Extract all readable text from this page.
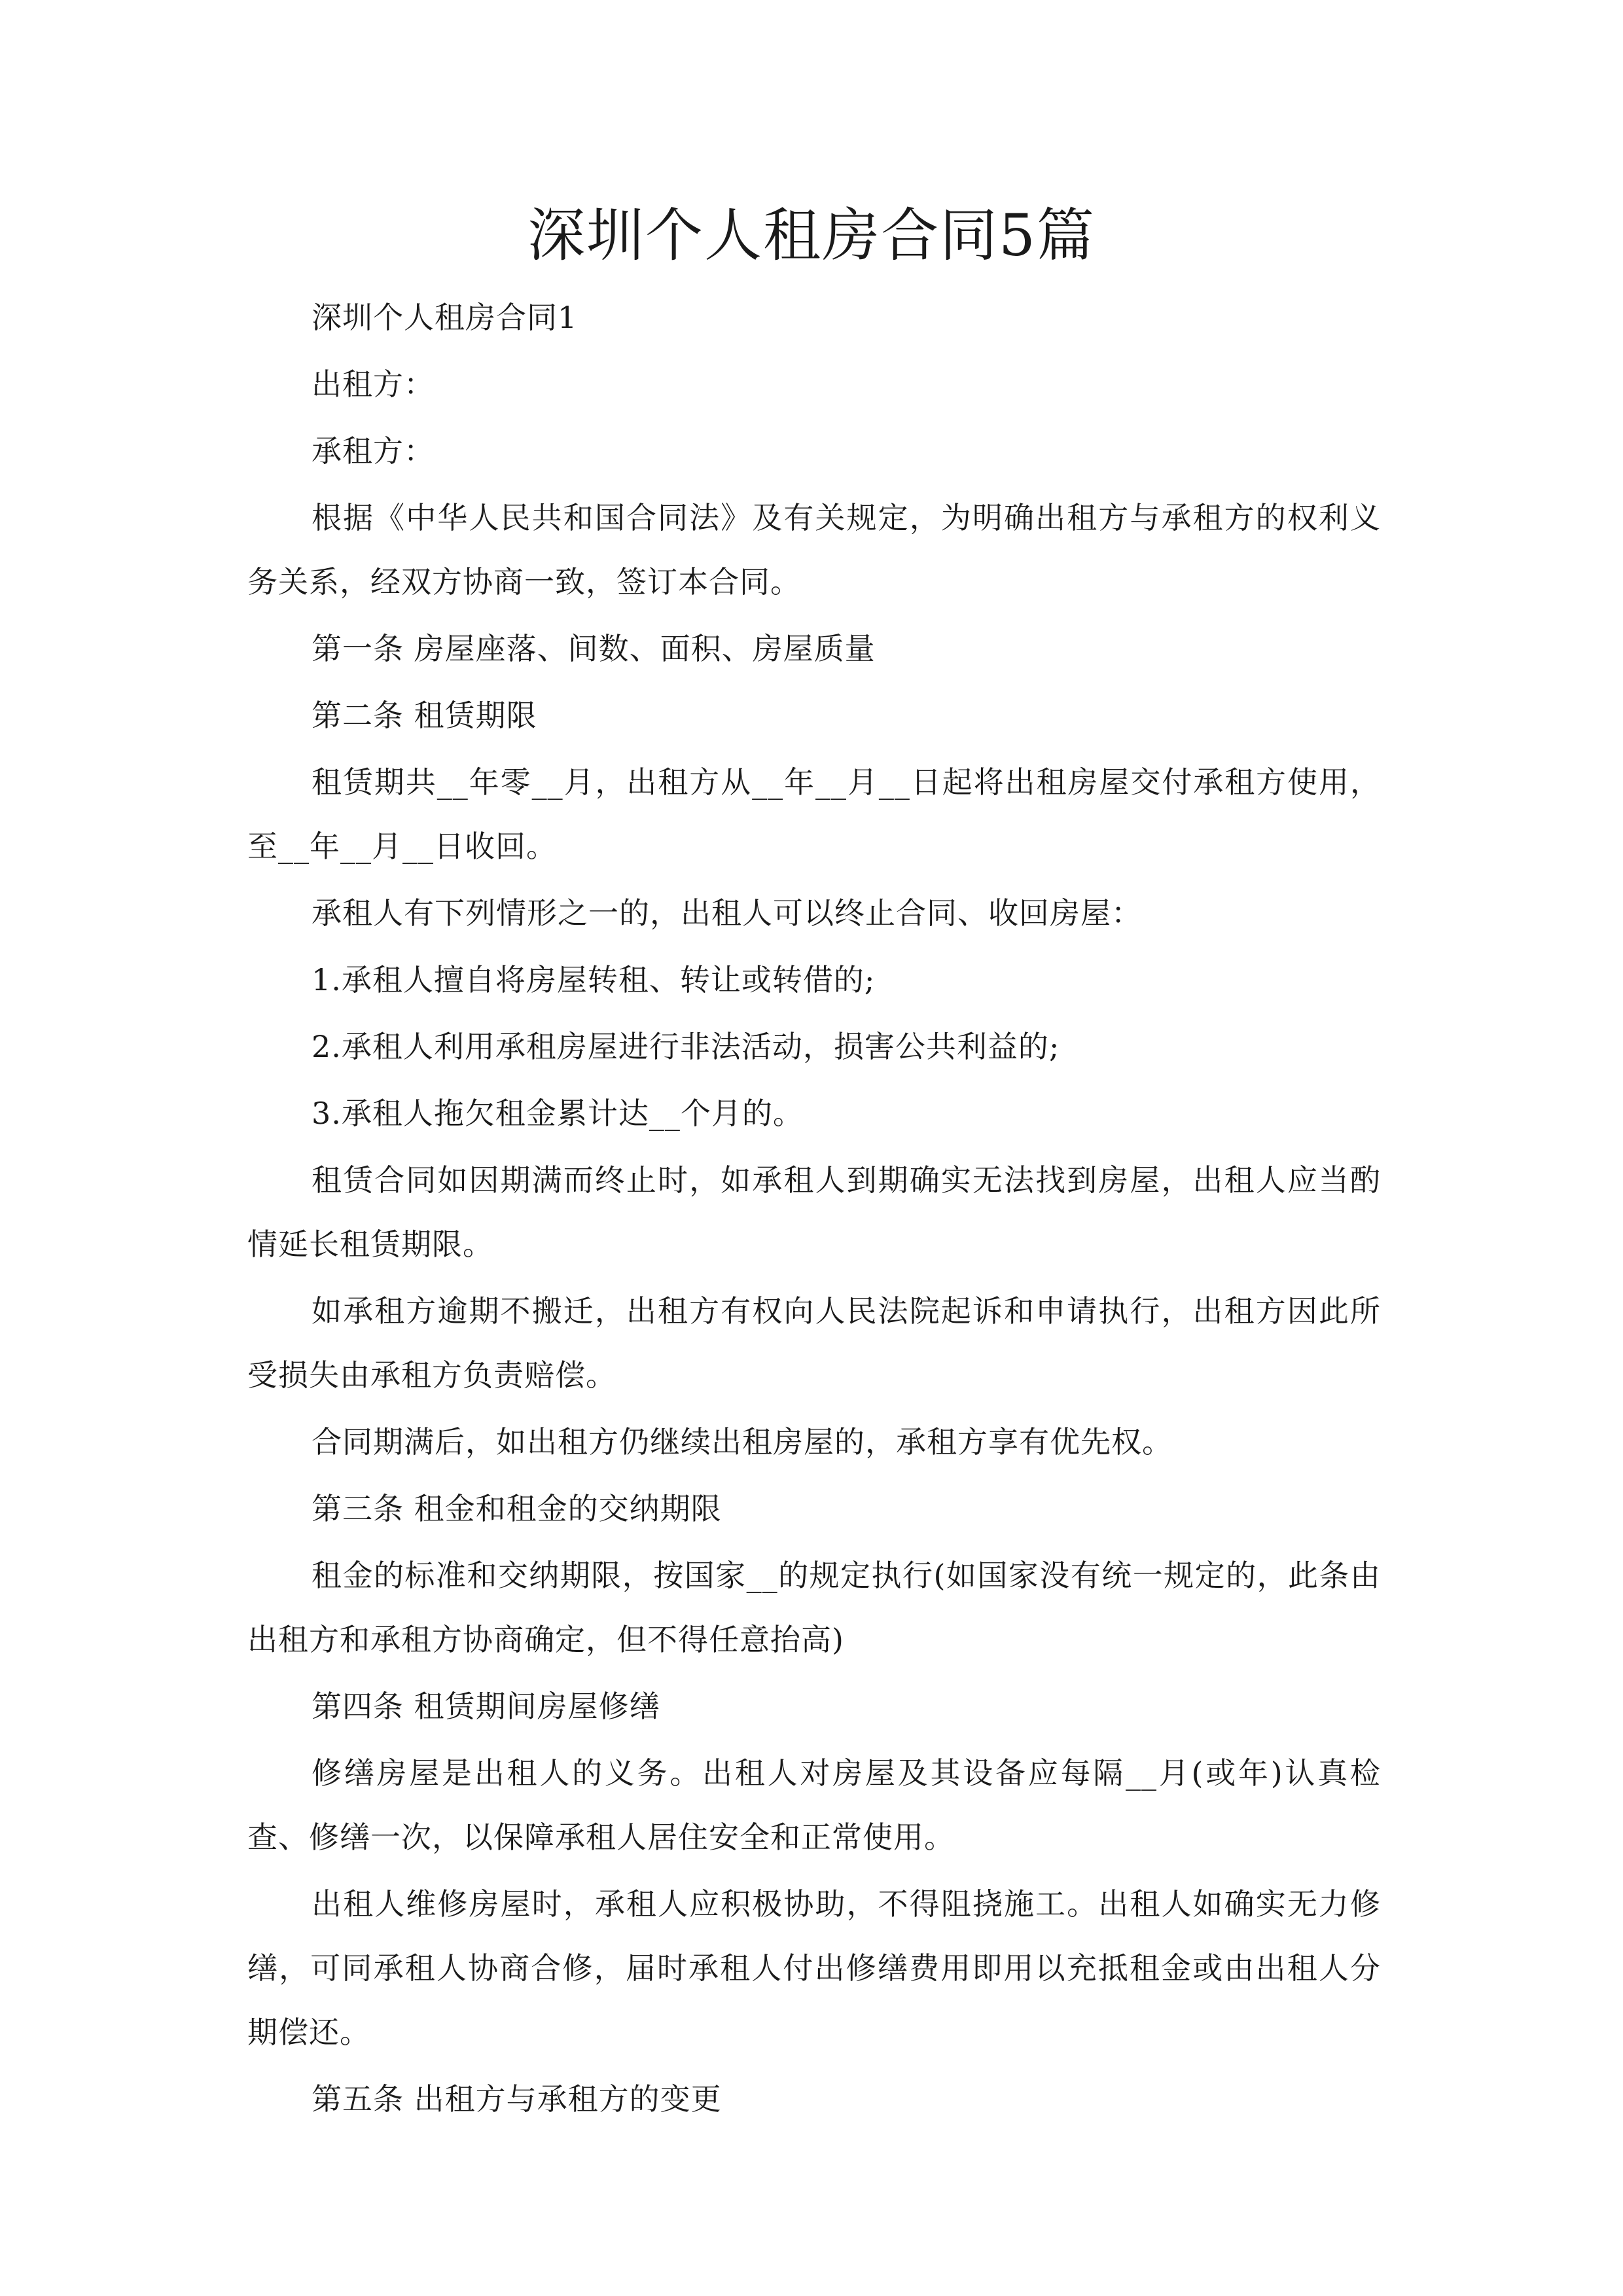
深圳个人租房合同5篇

深圳个人租房合同1

出租方：

承租方：

根据《中华人民共和国合同法》及有关规定，为明确出租方与承租方的权利义务关系，经双方协商一致，签订本合同。

第一条 房屋座落、间数、面积、房屋质量

第二条 租赁期限

租赁期共__年零__月，出租方从__年__月__日起将出租房屋交付承租方使用，至__年__月__日收回。

承租人有下列情形之一的，出租人可以终止合同、收回房屋：

1.承租人擅自将房屋转租、转让或转借的;

2.承租人利用承租房屋进行非法活动，损害公共利益的;

3.承租人拖欠租金累计达__个月的。

租赁合同如因期满而终止时，如承租人到期确实无法找到房屋，出租人应当酌情延长租赁期限。

如承租方逾期不搬迁，出租方有权向人民法院起诉和申请执行，出租方因此所受损失由承租方负责赔偿。

合同期满后，如出租方仍继续出租房屋的，承租方享有优先权。

第三条 租金和租金的交纳期限

租金的标准和交纳期限，按国家__的规定执行(如国家没有统一规定的，此条由出租方和承租方协商确定，但不得任意抬高)

第四条 租赁期间房屋修缮

修缮房屋是出租人的义务。出租人对房屋及其设备应每隔__月(或年)认真检查、修缮一次，以保障承租人居住安全和正常使用。

出租人维修房屋时，承租人应积极协助，不得阻挠施工。出租人如确实无力修缮，可同承租人协商合修，届时承租人付出修缮费用即用以充抵租金或由出租人分期偿还。

第五条 出租方与承租方的变更
